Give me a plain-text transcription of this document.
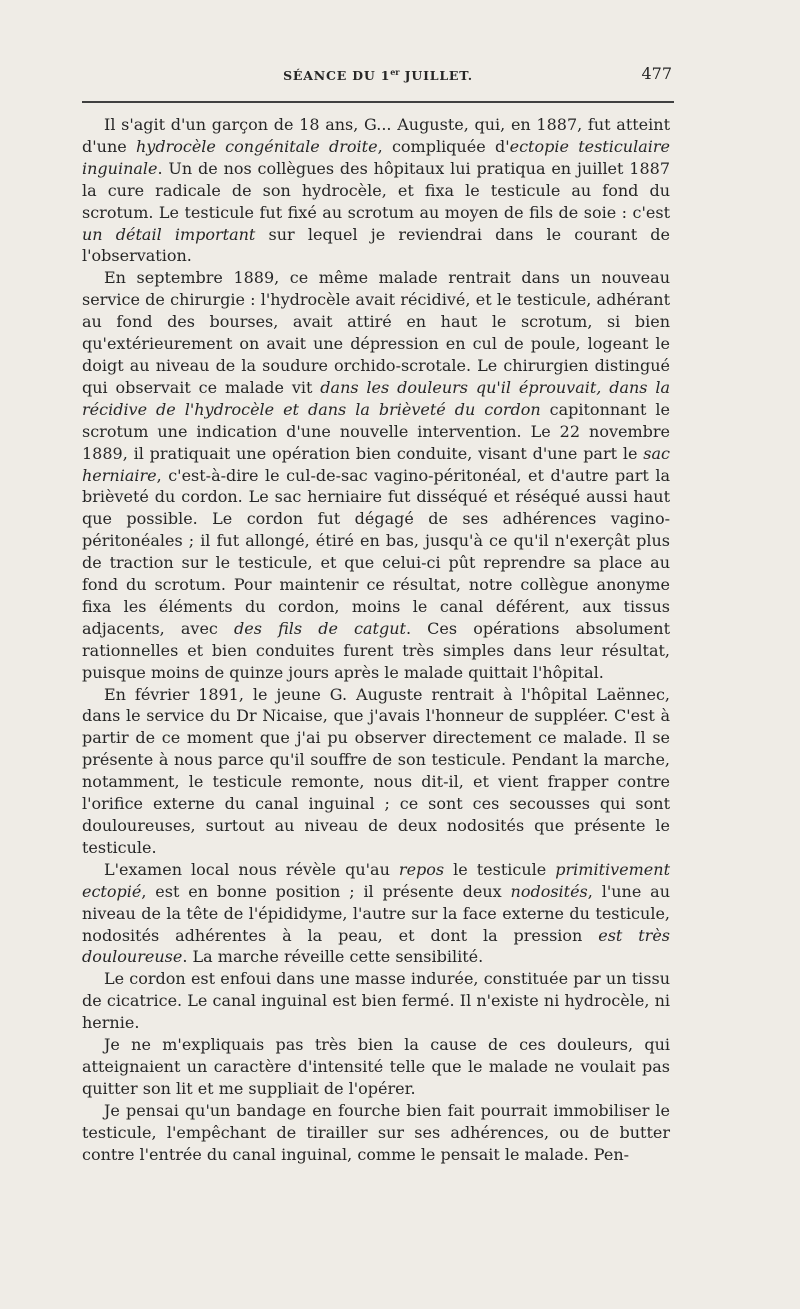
SÉANCE DU 1er JUILLET.	477

Il s'agit d'un garçon de 18 ans, G... Auguste, qui, en 1887, fut atteint d'une hydrocèle congénitale droite, compliquée d'ectopie testiculaire inguinale. Un de nos collègues des hôpitaux lui pratiqua en juillet 1887 la cure radicale de son hydrocèle, et fixa le testicule au fond du scrotum. Le testicule fut fixé au scrotum au moyen de fils de soie : c'est un détail important sur lequel je reviendrai dans le courant de l'observation.

En septembre 1889, ce même malade rentrait dans un nouveau service de chirurgie : l'hydrocèle avait récidivé, et le testicule, adhérant au fond des bourses, avait attiré en haut le scrotum, si bien qu'extérieurement on avait une dépression en cul de poule, logeant le doigt au niveau de la soudure orchido-scrotale. Le chirurgien distingué qui observait ce malade vit dans les douleurs qu'il éprouvait, dans la récidive de l'hydrocèle et dans la brièveté du cordon capitonnant le scrotum une indication d'une nouvelle intervention. Le 22 novembre 1889, il pratiquait une opération bien conduite, visant d'une part le sac herniaire, c'est-à-dire le cul-de-sac vagino-péritonéal, et d'autre part la brièveté du cordon. Le sac herniaire fut disséqué et réséqué aussi haut que possible. Le cordon fut dégagé de ses adhérences vagino-péritonéales ; il fut allongé, étiré en bas, jusqu'à ce qu'il n'exerçât plus de traction sur le testicule, et que celui-ci pût reprendre sa place au fond du scrotum. Pour maintenir ce résultat, notre collègue anonyme fixa les éléments du cordon, moins le canal déférent, aux tissus adjacents, avec des fils de catgut. Ces opérations absolument rationnelles et bien conduites furent très simples dans leur résultat, puisque moins de quinze jours après le malade quittait l'hôpital.

En février 1891, le jeune G. Auguste rentrait à l'hôpital Laënnec, dans le service du Dr Nicaise, que j'avais l'honneur de suppléer. C'est à partir de ce moment que j'ai pu observer directement ce malade. Il se présente à nous parce qu'il souffre de son testicule. Pendant la marche, notamment, le testicule remonte, nous dit-il, et vient frapper contre l'orifice externe du canal inguinal ; ce sont ces secousses qui sont douloureuses, surtout au niveau de deux nodosités que présente le testicule.

L'examen local nous révèle qu'au repos le testicule primitivement ectopié, est en bonne position ; il présente deux nodosités, l'une au niveau de la tête de l'épididyme, l'autre sur la face externe du testicule, nodosités adhérentes à la peau, et dont la pression est très douloureuse. La marche réveille cette sensibilité.

Le cordon est enfoui dans une masse indurée, constituée par un tissu de cicatrice. Le canal inguinal est bien fermé. Il n'existe ni hydrocèle, ni hernie.

Je ne m'expliquais pas très bien la cause de ces douleurs, qui atteignaient un caractère d'intensité telle que le malade ne voulait pas quitter son lit et me suppliait de l'opérer.

Je pensai qu'un bandage en fourche bien fait pourrait immobiliser le testicule, l'empêchant de tirailler sur ses adhérences, ou de butter contre l'entrée du canal inguinal, comme le pensait le malade. Pen-
